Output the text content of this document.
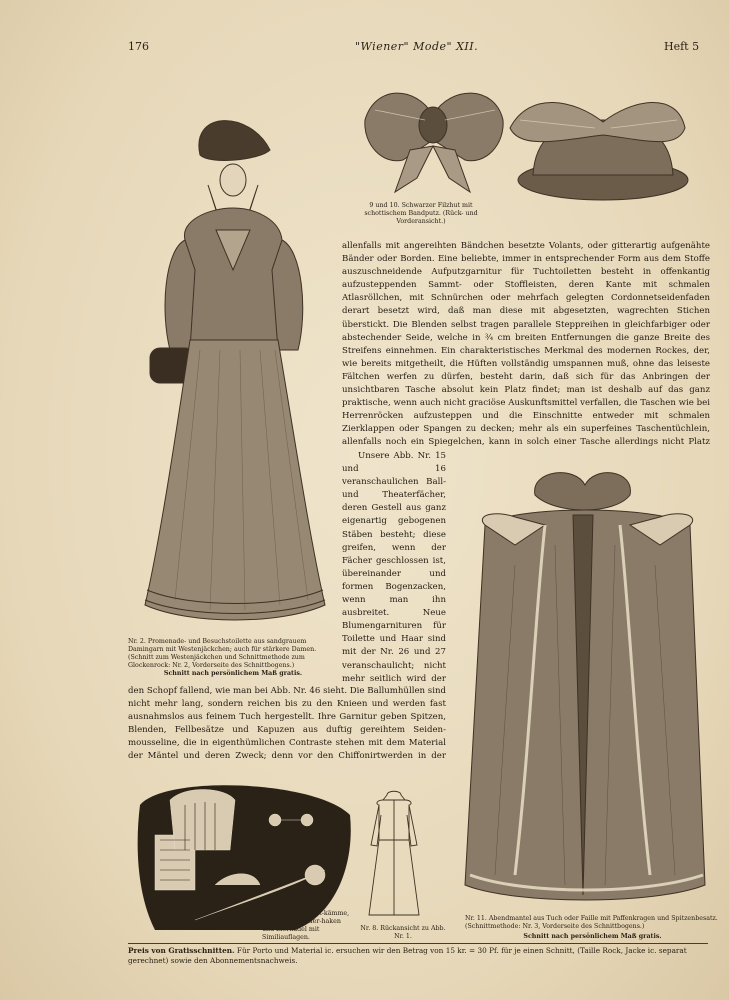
176	"Wiener" Mode" XII.	Heft 5
9 und 10. Schwarzer Filzhut mit schottischem Bandputz. (Rück- und Vorderansicht.)
Nr. 2. Promenade- und Besuchstoilette aus sandgrauem Damingarn mit Westenjäckchen; auch für stärkere Damen. (Schnitt zum Westenjäckchen und Schnittmethode zum Glockenrock: Nr. 2, Vorderseite des Schnittbogens.)
Schnitt nach persönlichem Maß gratis.

allenfalls mit angereihten Bändchen besetzte Volants, oder gitterartig aufgenähte Bänder oder Borden. Eine beliebte, immer in entsprechender Form aus dem Stoffe auszuschneidende Aufputzgarnitur für Tuchtoiletten besteht in offenkantig aufzusteppenden Sammt- oder Stoffleisten, deren Kante mit schmalen Atlasröllchen, mit Schnürchen oder mehrfach gelegten Cordonnetseidenfaden derart besetzt wird, daß man diese mit abgesetzten, wagrechten Stichen überstickt. Die Blenden selbst tragen parallele Steppreihen in gleichfarbiger oder abstechender Seide, welche in ¾ cm breiten Entfernungen die ganze Breite des Streifens einnehmen. Ein charakteristisches Merkmal des modernen Rockes, der, wie bereits mitgetheilt, die Hüften vollständig umspannen muß, ohne das leiseste Fältchen werfen zu dürfen, besteht darin, daß sich für das Anbringen der unsichtbaren Tasche absolut kein Platz findet; man ist deshalb auf das ganz praktische, wenn auch nicht graciöse Auskunftsmittel verfallen, die Taschen wie bei Herrenröcken aufzusteppen und die Einschnitte entweder mit schmalen Zierklappen oder Spangen zu decken; mehr als ein superfeines Taschentüchlein, allenfalls noch ein Spiegelchen, kann in solch einer Tasche allerdings nicht Platz

Unsere Abb. Nr. 15 und 16 veranschaulichen Ball- und Theaterfächer, deren Gestell aus ganz eigenartig gebogenen Stäben besteht; diese greifen, wenn der Fächer geschlossen ist, übereinander und formen Bogenzacken, wenn man ihn ausbreitet. Neue Blumengarnituren für Toilette und Haar sind mit der Nr. 26 und 27 veranschaulicht; nicht mehr seitlich wird der

den Schopf fallend, wie man bei Abb. Nr. 46 sieht. Die Ballumhüllen sind nicht mehr lang, sondern reichen bis zu den Knieen und werden fast ausnahmslos aus feinem Tuch hergestellt. Ihre Garnitur geben Spitzen, Blenden, Fellbesätze und Kapuzen aus duftig gereihtem Seiden-mousseline, die in eigenthümlichen Contraste stehen mit dem Material der Mäntel und deren Zweck; denn vor den Chiffonirtwerden in der

Nr. 11. Abendmantel aus Tuch oder Faille mit Paffenkragen und Spitzenbesatz. (Schnittmethode: Nr. 3, Vorderseite des Schnittbogens.)
Schnitt nach persönlichem Maß gratis.
Nr. 3–7. Schildpatt-kämme, Haarpfeil, Kleider-haken und Ziernadel mit Similiauflagen.
Nr. 8. Rückansicht zu Abb. Nr. 1.
Preis von Gratisschnitten. Für Porto und Material ic. ersuchen wir den Betrag von 15 kr. = 30 Pf. für je einen Schnitt, (Taille Rock, Jacke ic. separat gerechnet) sowie den Abonnementsnachweis.
